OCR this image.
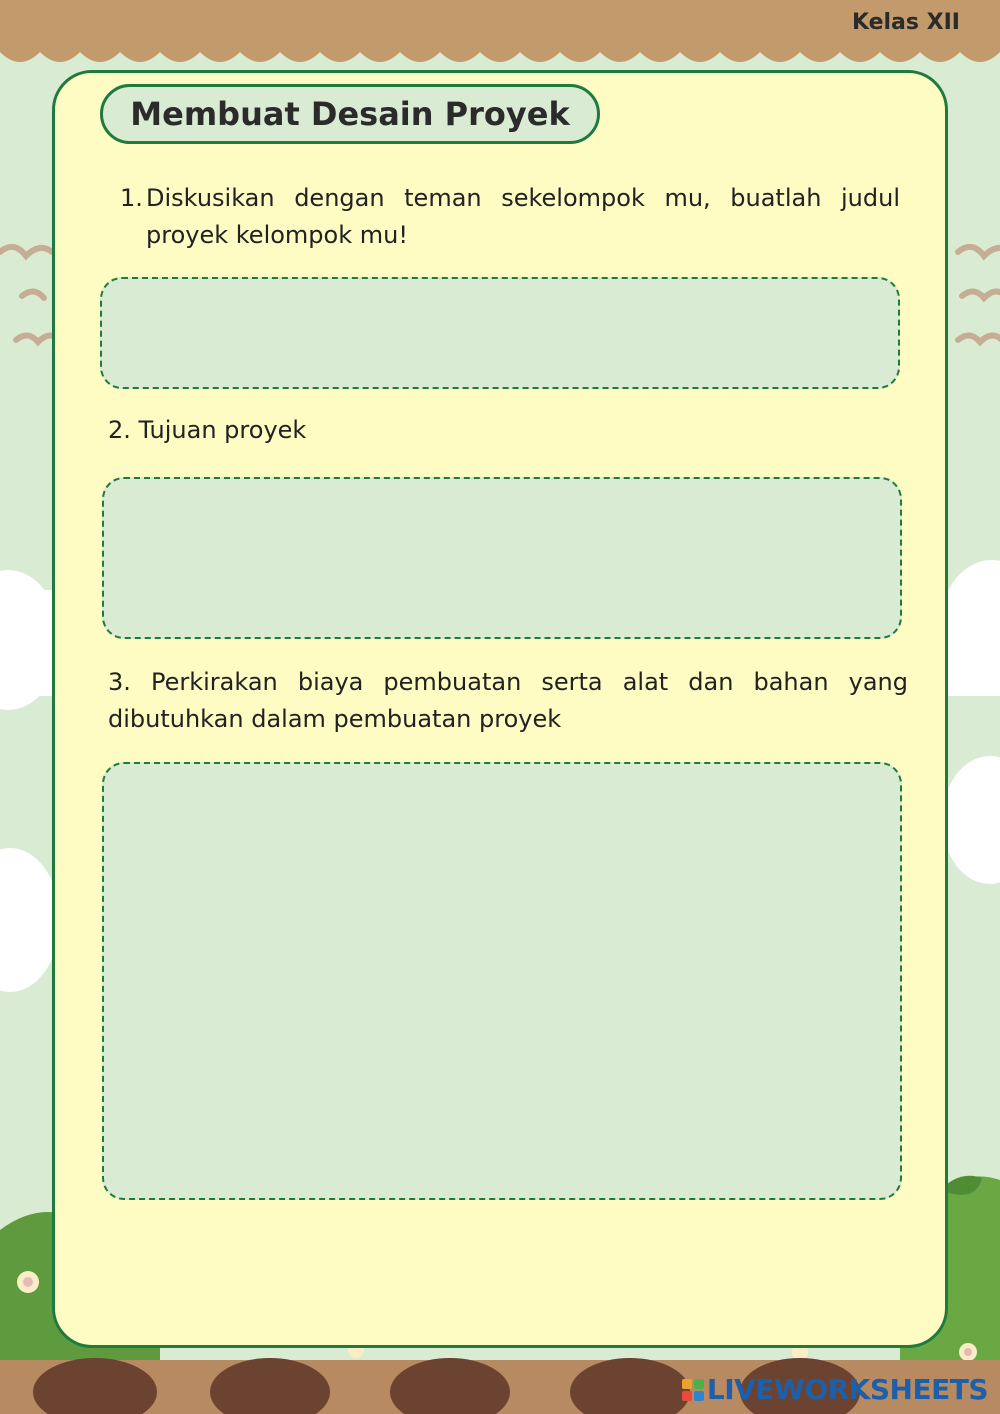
Kelas XII
Membuat Desain Proyek
1. Diskusikan dengan teman sekelompok mu, buatlah judul proyek kelompok mu!
2. Tujuan proyek
3. Perkirakan biaya pembuatan serta alat dan bahan yang dibutuhkan dalam pembuatan proyek
LIVEWORKSHEETS
